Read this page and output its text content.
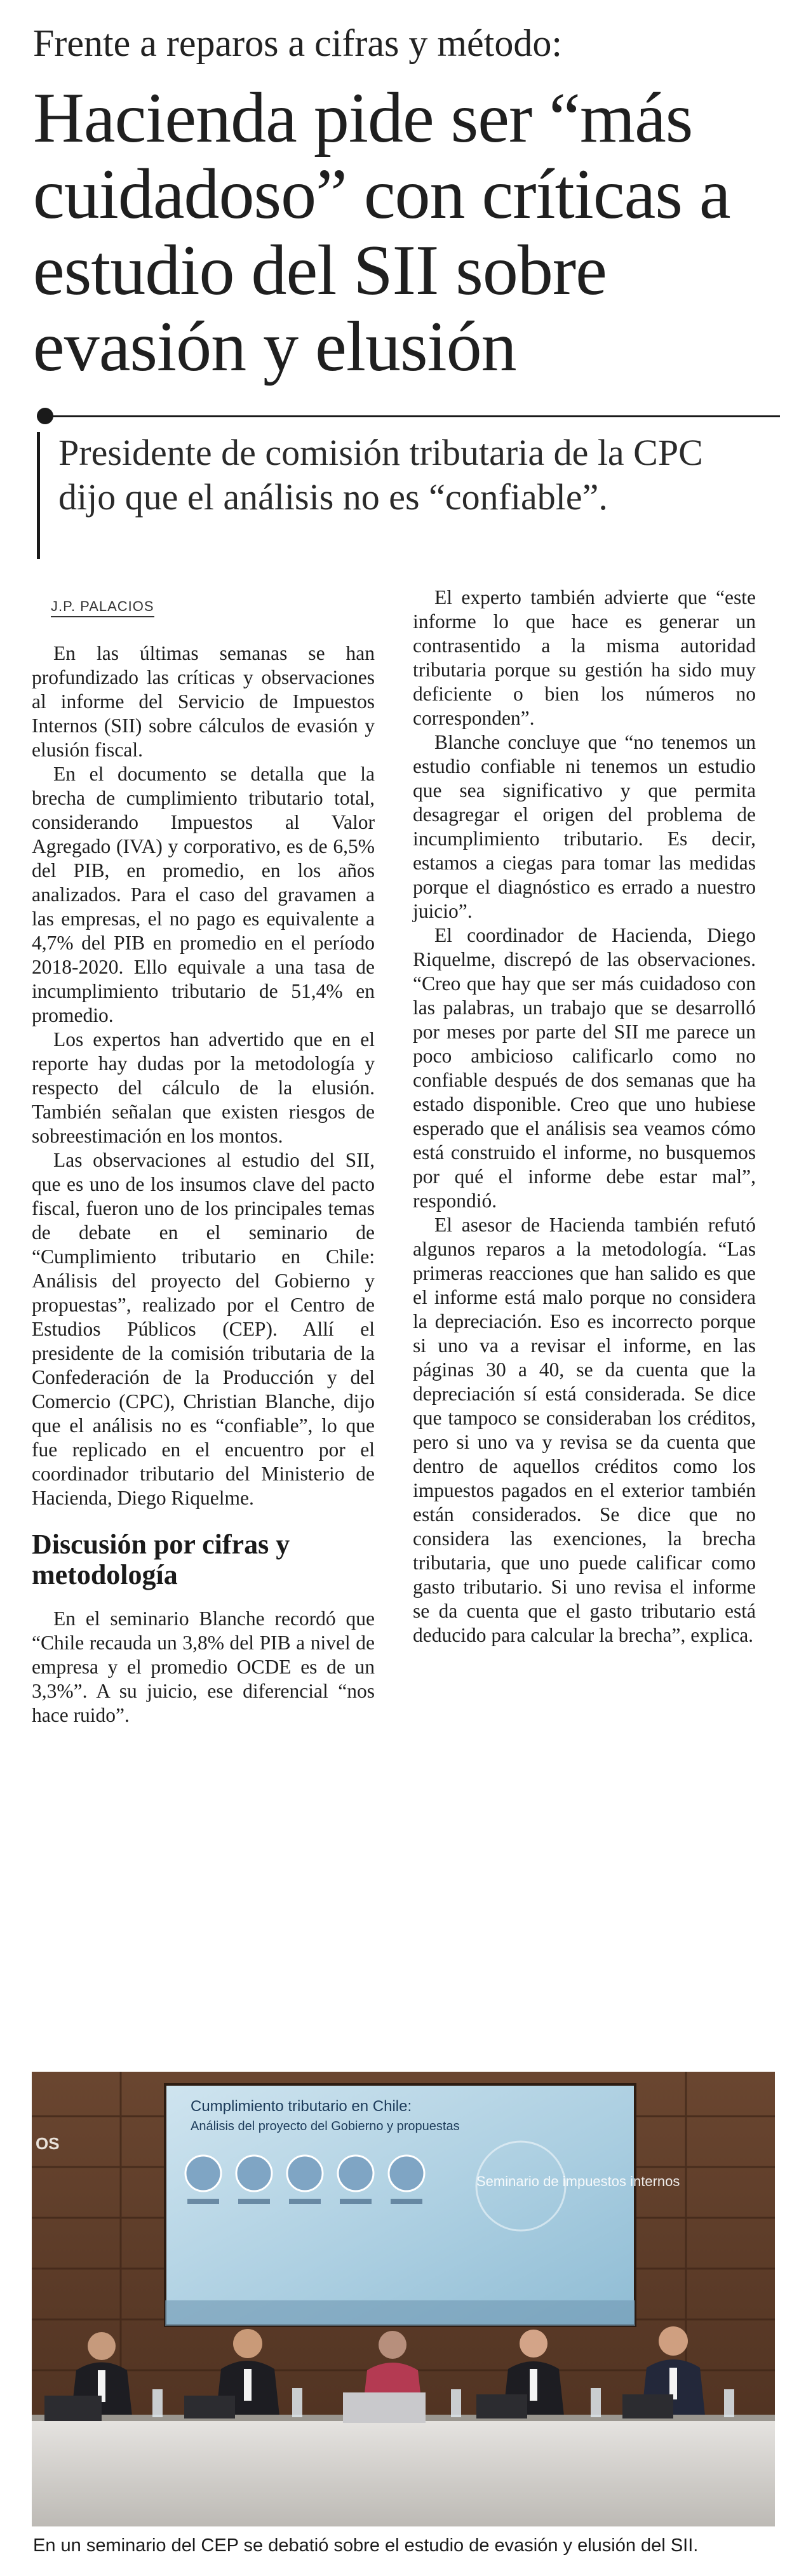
Frente a reparos a cifras y método:
Hacienda pide ser “más cuidadoso” con críticas a estudio del SII sobre evasión y elusión
Presidente de comisión tributaria de la CPC dijo que el análisis no es “confiable”.
J.P. PALACIOS

En las últimas semanas se han profundizado las críticas y observaciones al informe del Servicio de Impuestos Internos (SII) sobre cálculos de evasión y elusión fiscal.

En el documento se detalla que la brecha de cumplimiento tributario total, considerando Impuestos al Valor Agregado (IVA) y corporativo, es de 6,5% del PIB, en promedio, en los años analizados. Para el caso del gravamen a las empresas, el no pago es equivalente a 4,7% del PIB en promedio en el período 2018-2020. Ello equivale a una tasa de incumplimiento tributario de 51,4% en promedio.

Los expertos han advertido que en el reporte hay dudas por la metodología y respecto del cálculo de la elusión. También señalan que existen riesgos de sobreestimación en los montos.

Las observaciones al estudio del SII, que es uno de los insumos clave del pacto fiscal, fueron uno de los principales temas de debate en el seminario de “Cumplimiento tributario en Chile: Análisis del proyecto del Gobierno y propuestas”, realizado por el Centro de Estudios Públicos (CEP). Allí el presidente de la comisión tributaria de la Confederación de la Producción y del Comercio (CPC), Christian Blanche, dijo que el análisis no es “confiable”, lo que fue replicado en el encuentro por el coordinador tributario del Ministerio de Hacienda, Diego Riquelme.

Discusión por cifras y metodología

En el seminario Blanche recordó que “Chile recauda un 3,8% del PIB a nivel de empresa y el promedio OCDE es de un 3,3%”. A su juicio, ese diferencial “nos hace ruido”.

El experto también advierte que “este informe lo que hace es generar un contrasentido a la misma autoridad tributaria porque su gestión ha sido muy deficiente o bien los números no corresponden”.

Blanche concluye que “no tenemos un estudio confiable ni tenemos un estudio que sea significativo y que permita desagregar el origen del problema de incumplimiento tributario. Es decir, estamos a ciegas para tomar las medidas porque el diagnóstico es errado a nuestro juicio”.

El coordinador de Hacienda, Diego Riquelme, discrepó de las observaciones. “Creo que hay que ser más cuidadoso con las palabras, un trabajo que se desarrolló por meses por parte del SII me parece un poco ambicioso calificarlo como no confiable después de dos semanas que ha estado disponible. Creo que uno hubiese esperado que el análisis sea veamos cómo está construido el informe, no busquemos por qué el informe debe estar mal”, respondió.

El asesor de Hacienda también refutó algunos reparos a la metodología. “Las primeras reacciones que han salido es que el informe está malo porque no considera la depreciación. Eso es incorrecto porque si uno va a revisar el informe, en las páginas 30 a 40, se da cuenta que la depreciación sí está considerada. Se dice que tampoco se consideraban los créditos, pero si uno va y revisa se da cuenta que dentro de aquellos créditos como los impuestos pagados en el exterior también están considerados. Se dice que no considera las exenciones, la brecha tributaria, que uno puede calificar como gasto tributario. Si uno revisa el informe se da cuenta que el gasto tributario está deducido para calcular la brecha”, explica.

OS
Cumplimiento tributario en Chile:
Análisis del proyecto del Gobierno y propuestas
Seminario de impuestos internos
En un seminario del CEP se debatió sobre el estudio de evasión y elusión del SII.
